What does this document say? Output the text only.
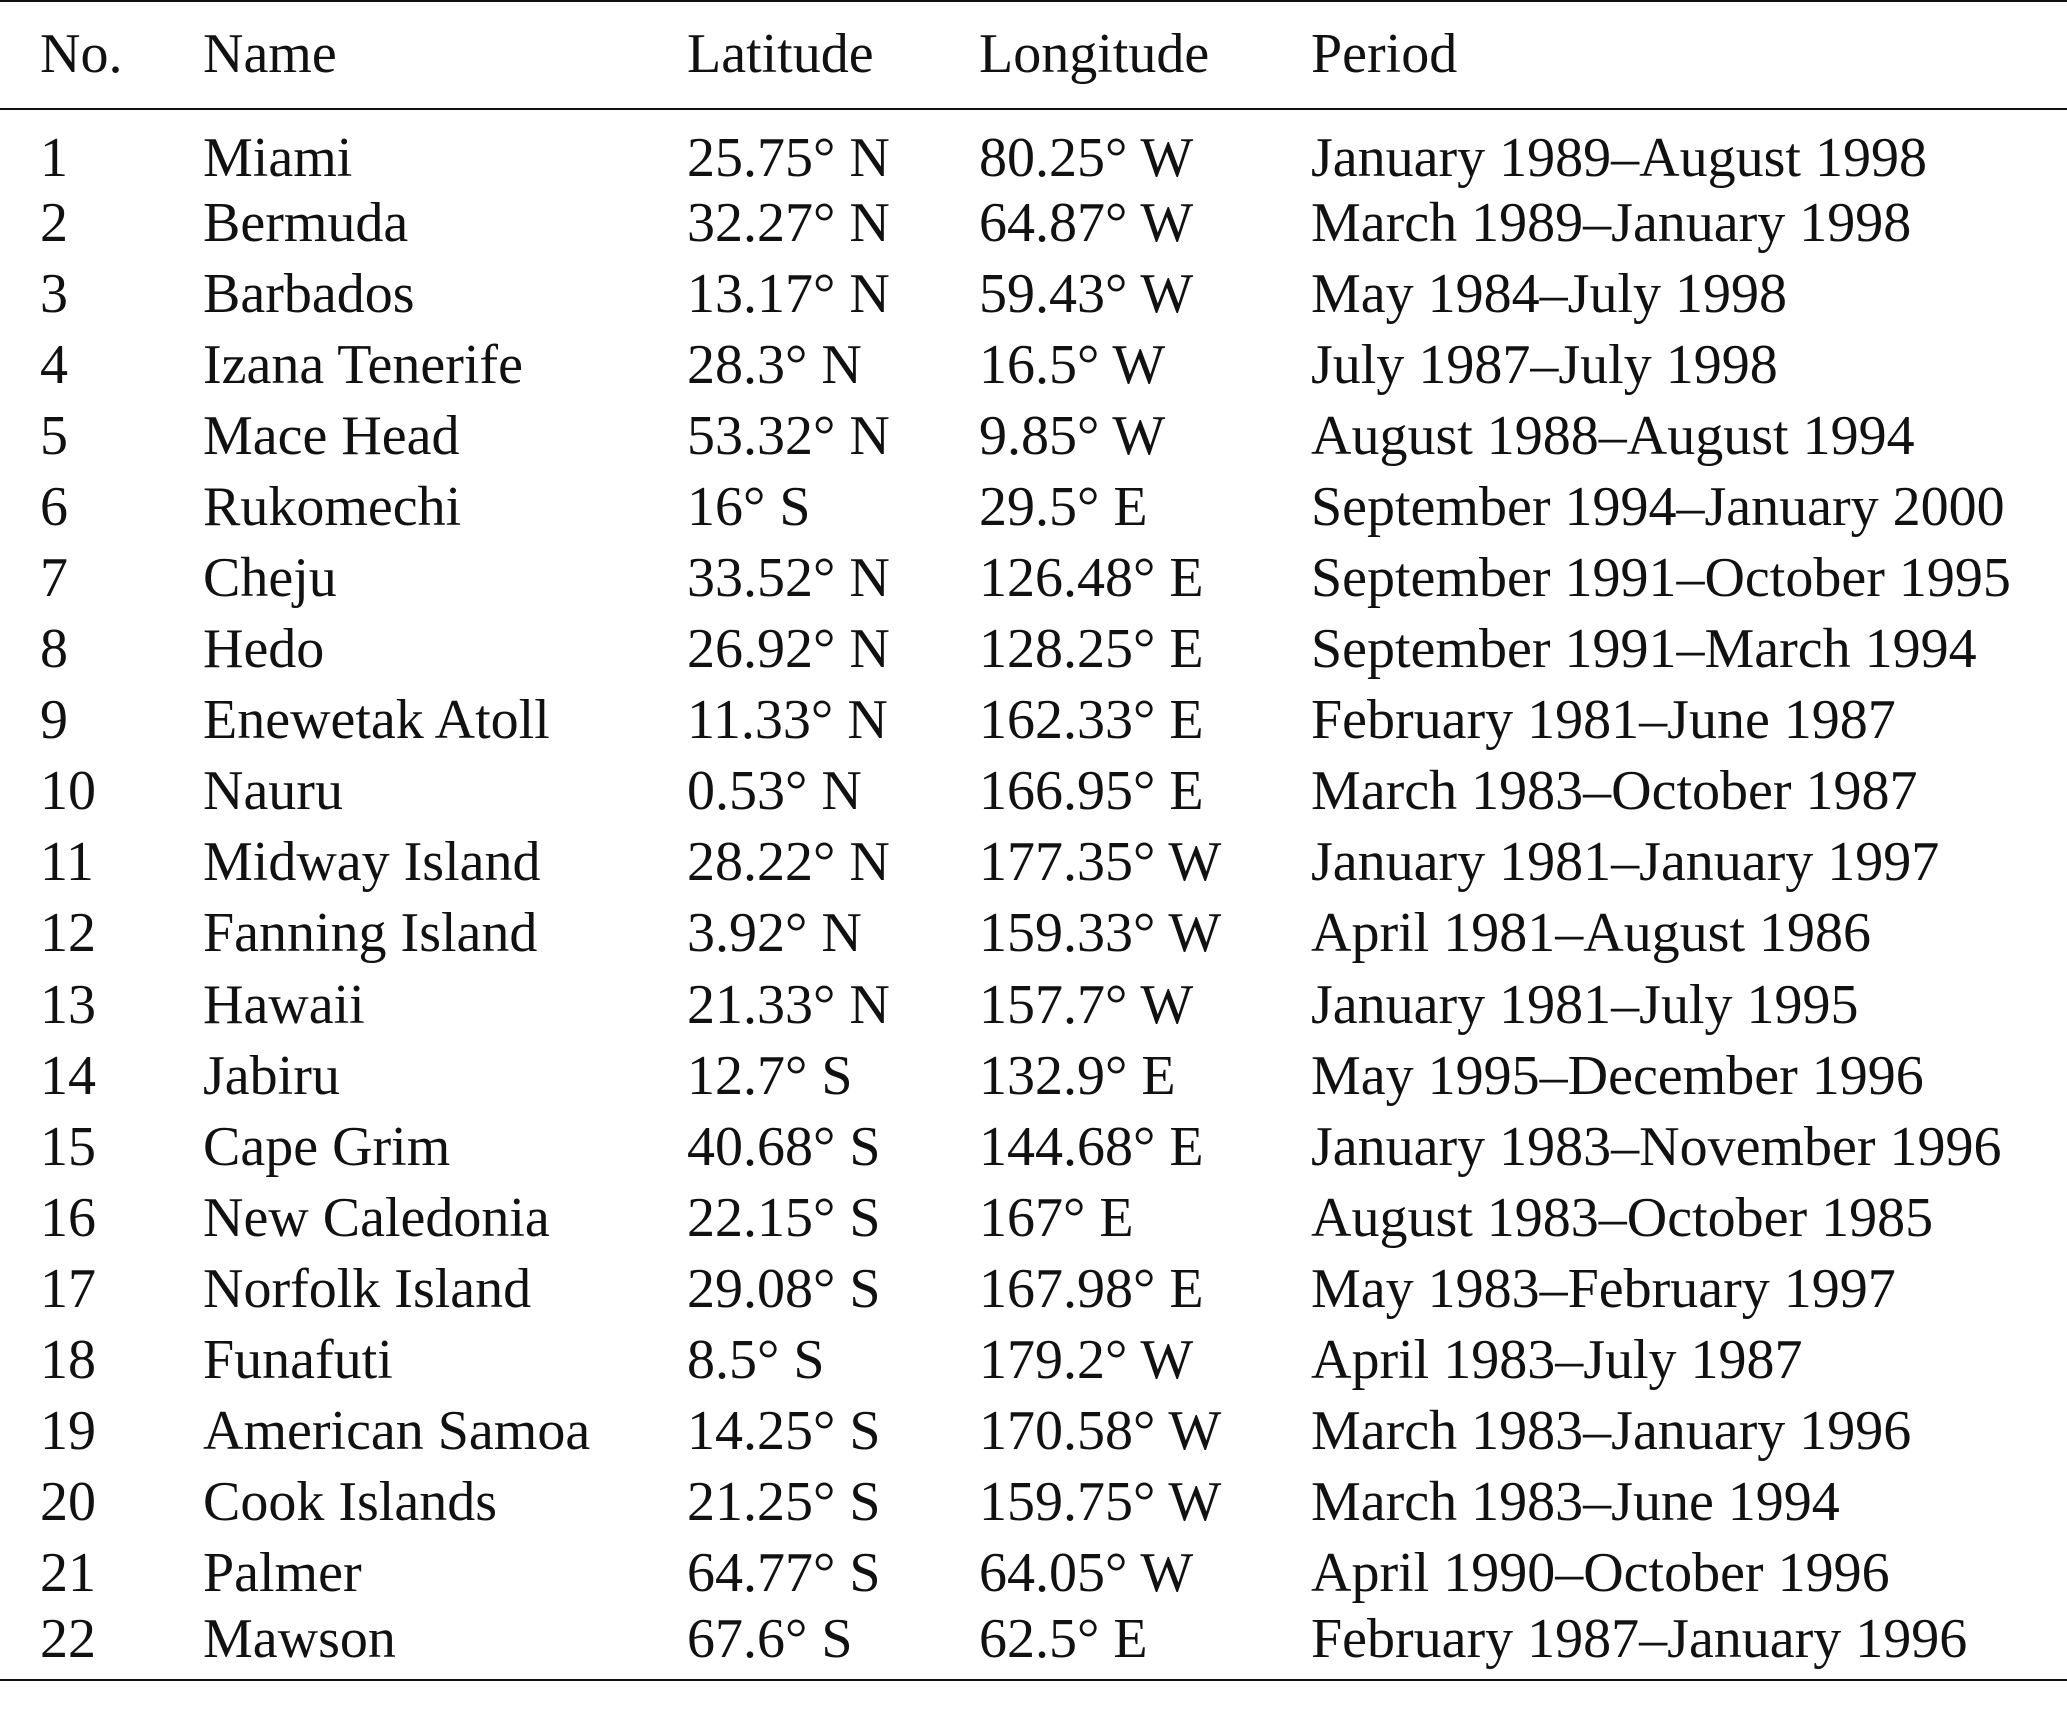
No.	Name	Latitude	Longitude	Period
1	Miami	25.75° N	80.25° W	January 1989–August 1998
2	Bermuda	32.27° N	64.87° W	March 1989–January 1998
3	Barbados	13.17° N	59.43° W	May 1984–July 1998
4	Izana Tenerife	28.3° N	16.5° W	July 1987–July 1998
5	Mace Head	53.32° N	9.85° W	August 1988–August 1994
6	Rukomechi	16° S	29.5° E	September 1994–January 2000
7	Cheju	33.52° N	126.48° E	September 1991–October 1995
8	Hedo	26.92° N	128.25° E	September 1991–March 1994
9	Enewetak Atoll	11.33° N	162.33° E	February 1981–June 1987
10	Nauru	0.53° N	166.95° E	March 1983–October 1987
11	Midway Island	28.22° N	177.35° W	January 1981–January 1997
12	Fanning Island	3.92° N	159.33° W	April 1981–August 1986
13	Hawaii	21.33° N	157.7° W	January 1981–July 1995
14	Jabiru	12.7° S	132.9° E	May 1995–December 1996
15	Cape Grim	40.68° S	144.68° E	January 1983–November 1996
16	New Caledonia	22.15° S	167° E	August 1983–October 1985
17	Norfolk Island	29.08° S	167.98° E	May 1983–February 1997
18	Funafuti	8.5° S	179.2° W	April 1983–July 1987
19	American Samoa	14.25° S	170.58° W	March 1983–January 1996
20	Cook Islands	21.25° S	159.75° W	March 1983–June 1994
21	Palmer	64.77° S	64.05° W	April 1990–October 1996
22	Mawson	67.6° S	62.5° E	February 1987–January 1996
